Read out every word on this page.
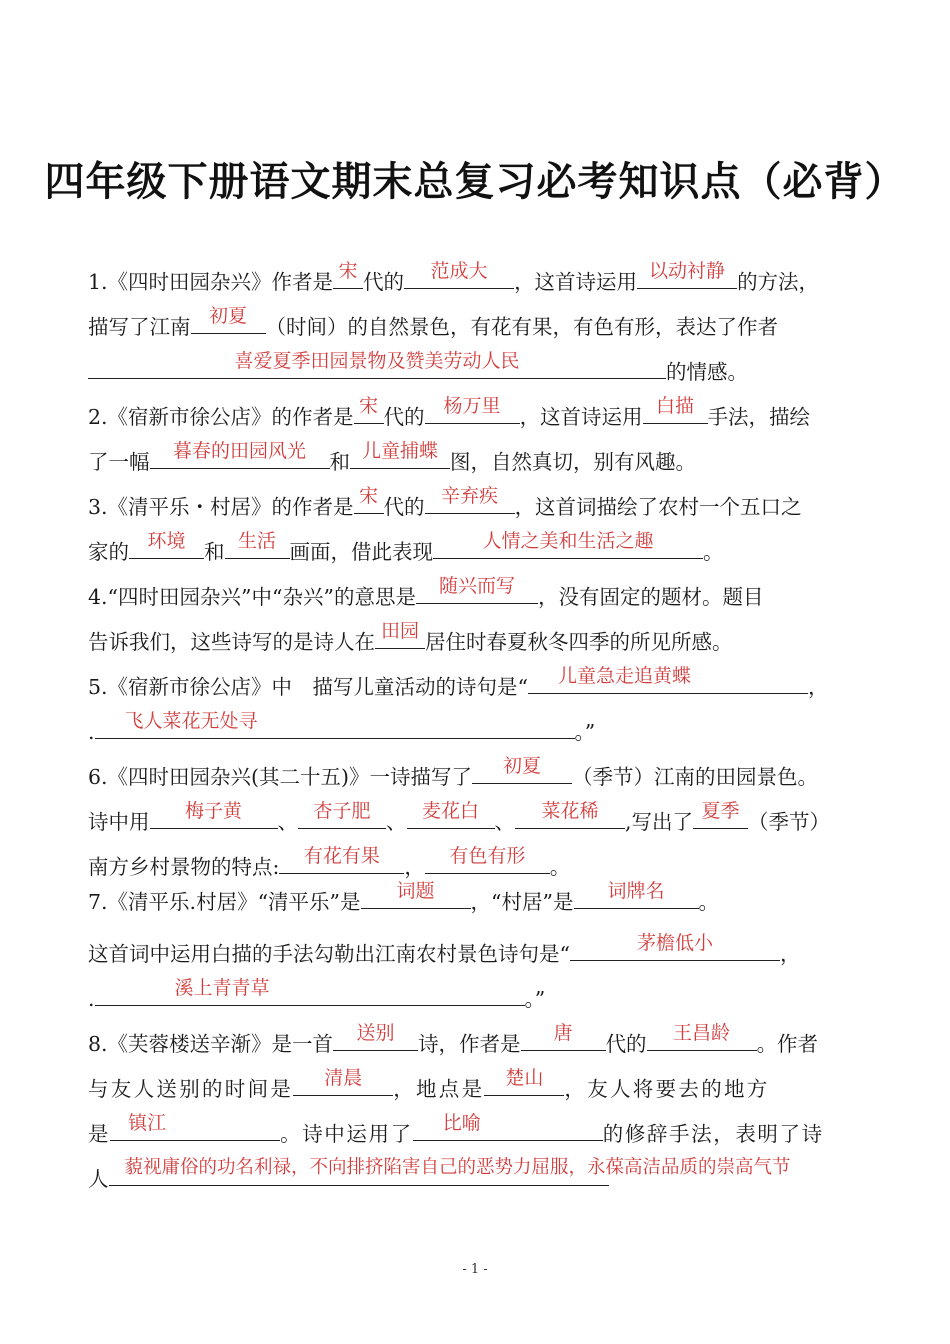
四年级下册语文期末总复习必考知识点（必背）
1.《四时田园杂兴》作者是 宋 代的	范成大	，这首诗运用 以动衬静 的方法，
描写了江南 初夏 （时间）的自然景色，有花有果，有色有形，表达了作者
喜爱夏季田园景物及赞美劳动人民	的情感。
2.《宿新市徐公店》的作者是 宋 代的 杨万里 ，这首诗运用 白描 手法，描绘
了一幅	暮春的田园风光	和 儿童捕蝶 图，自然真切，别有风趣。
3.《清平乐・村居》的作者是 宋 代的 辛弃疾 ，这首词描绘了农村一个五口之
家的 环境 和 生活 画面，借此表现	人情之美和生活之趣	。
4.“四时田园杂兴”中“杂兴”的意思是	随兴而写	，没有固定的题材。题目
告诉我们，这些诗写的是诗人在 田园 居住时春夏秋冬四季的所见所感。
5.《宿新市徐公店》中　描写儿童活动的诗句是“	儿童急走追黄蝶	，
.	飞人菜花无处寻	。”
6.《四时田园杂兴(其二十五)》一诗描写了	初夏	（季节）江南的田园景色。
诗中用	梅子黄	、 杏子肥 、 麦花白 、	菜花稀	,写出了 夏季 （季节）
南方乡村景物的特点:	有花有果	，	有色有形	。
7.《清平乐.村居》“清平乐”是	词题	，“村居”是	词牌名	。
这首词中运用白描的手法勾勒出江南农村景色诗句是“	茅檐低小	，
.	溪上青青草	。”
8.《芙蓉楼送辛渐》是一首	送别	诗，作者是	唐	代的	王昌龄	。作者
与友人送别的时间是	清晨	，地点是	楚山	，友人将要去的地方
是 镇江	。诗中运用了	比喻	的修辞手法，表明了诗
人 藐视庸俗的功名利禄，不向排挤陷害自己的恶势力屈服，永葆高洁品质的崇高气节
- 1 -
